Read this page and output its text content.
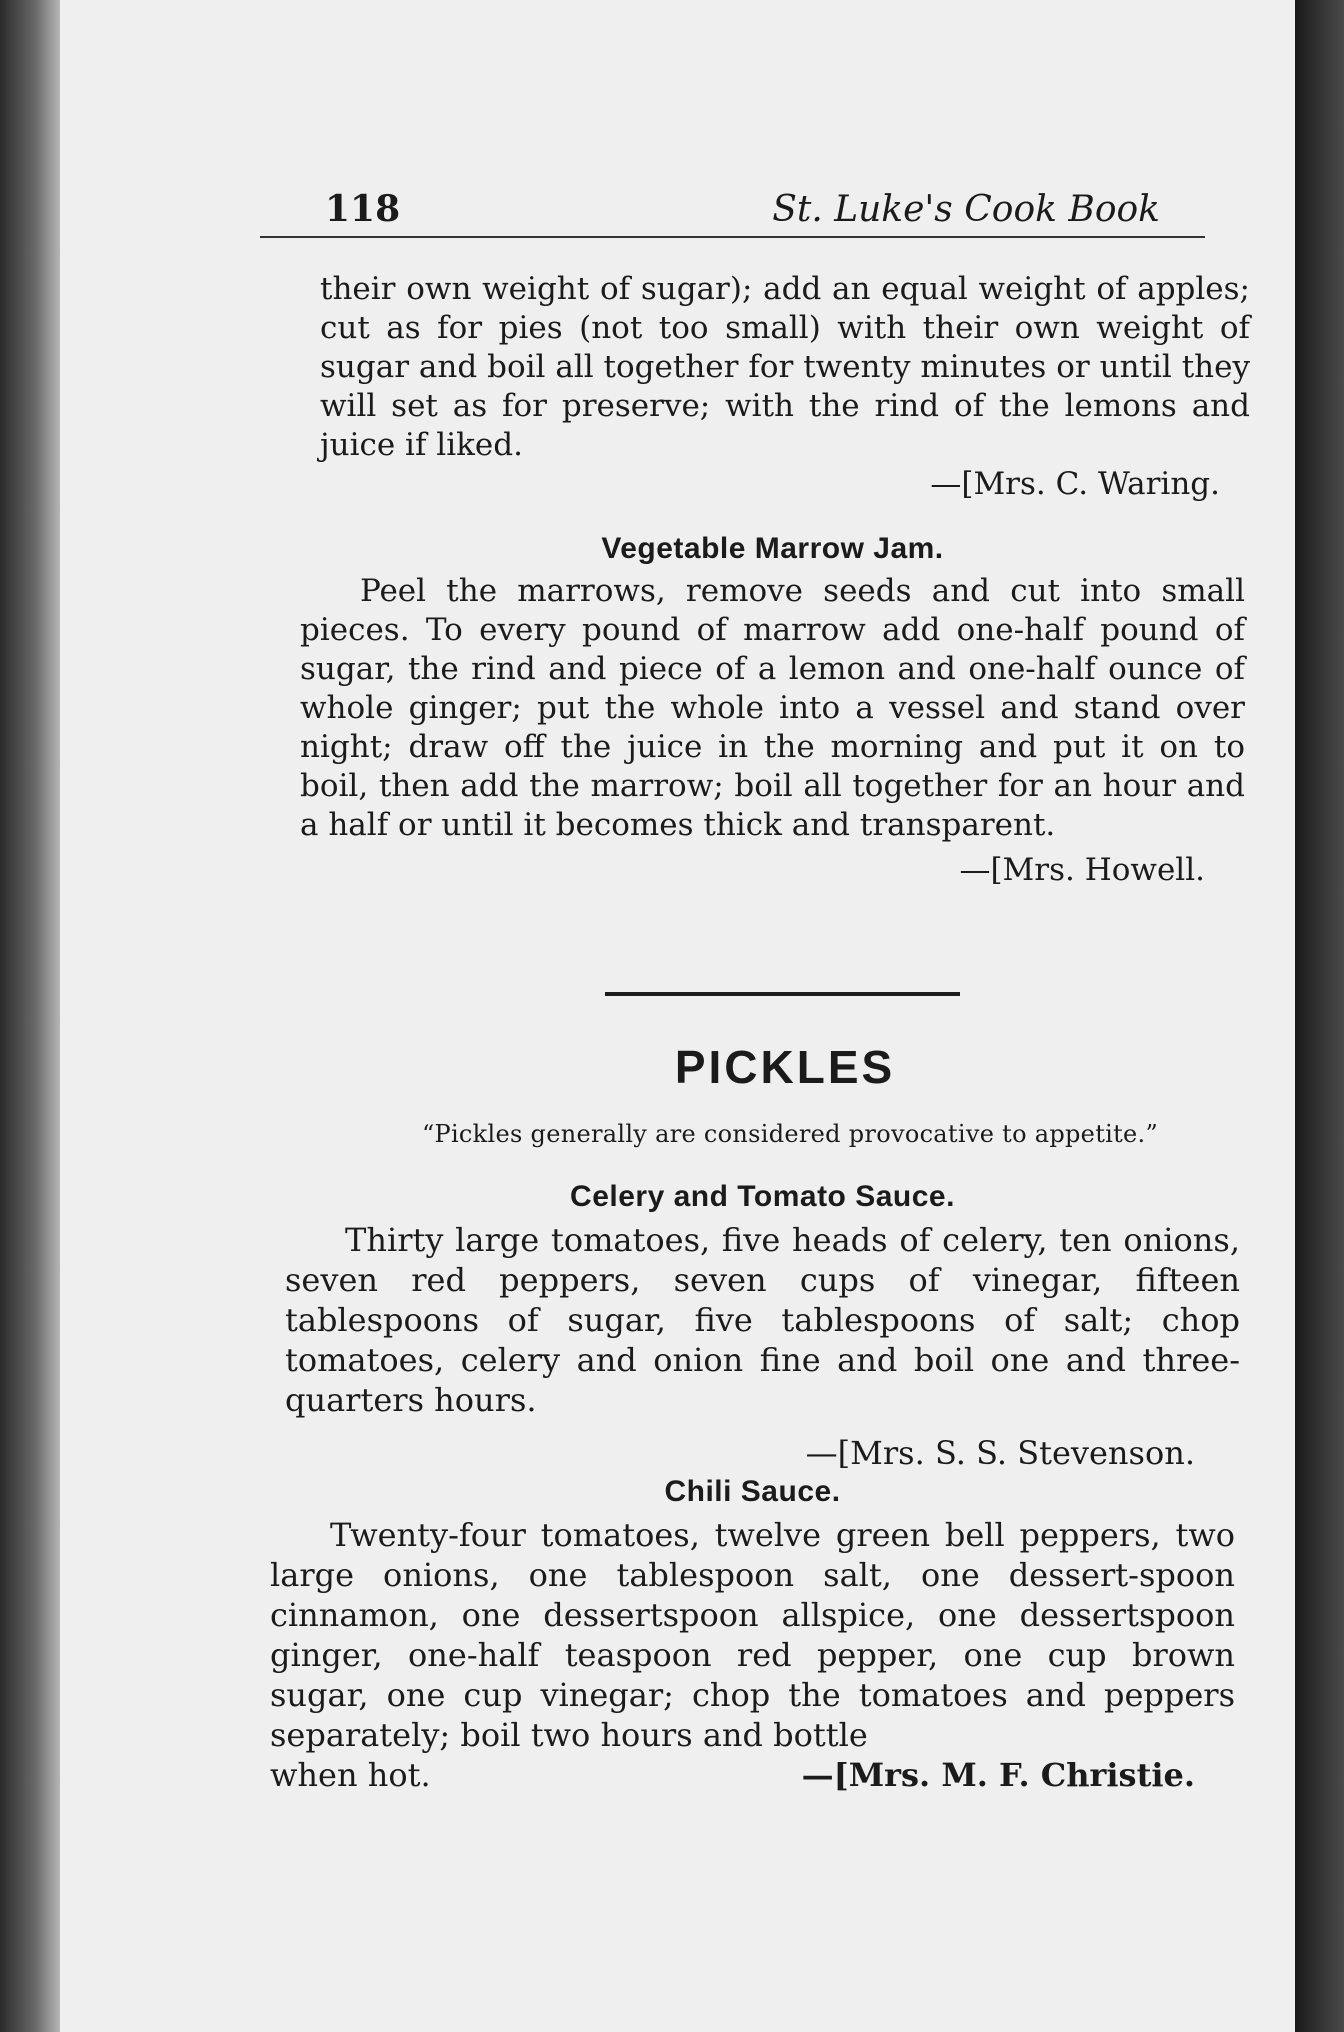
118	St. Luke's Cook Book

their own weight of sugar); add an equal weight of apples; cut as for pies (not too small) with their own weight of sugar and boil all together for twenty minutes or until they will set as for preserve; with the rind of the lemons and juice if liked.

—[Mrs. C. Waring.
Vegetable Marrow Jam.

Peel the marrows, remove seeds and cut into small pieces. To every pound of marrow add one-half pound of sugar, the rind and piece of a lemon and one-half ounce of whole ginger; put the whole into a vessel and stand over night; draw off the juice in the morning and put it on to boil, then add the marrow; boil all together for an hour and a half or until it becomes thick and transparent.

—[Mrs. Howell.
PICKLES
“Pickles generally are considered provocative to appetite.”
Celery and Tomato Sauce.

Thirty large tomatoes, five heads of celery, ten onions, seven red peppers, seven cups of vinegar, fifteen tablespoons of sugar, five tablespoons of salt; chop tomatoes, celery and onion fine and boil one and three-quarters hours.

—[Mrs. S. S. Stevenson.
Chili Sauce.

Twenty-four tomatoes, twelve green bell peppers, two large onions, one tablespoon salt, one dessert-spoon cinnamon, one dessertspoon allspice, one dessertspoon ginger, one-half teaspoon red pepper, one cup brown sugar, one cup vinegar; chop the tomatoes and peppers separately; boil two hours and bottle

when hot.	—[Mrs. M. F. Christie.
